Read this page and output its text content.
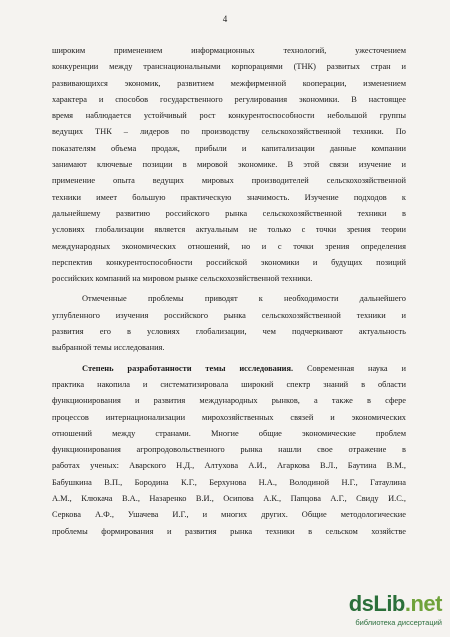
4
широким применением информационных технологий, ужесточением
конкуренции между транснациональными корпорациями (ТНК) развитых стран и
развивающихся экономик, развитием межфирменной кооперации, изменением
характера и способов государственного регулирования экономики. В настоящее
время наблюдается устойчивый рост конкурентоспособности небольшой группы
ведущих ТНК – лидеров по производству сельскохозяйственной техники. По
показателям объема продаж, прибыли и капитализации данные компании
занимают ключевые позиции в мировой экономике. В этой связи изучение и
применение опыта ведущих мировых производителей сельскохозяйственной
техники имеет большую практическую значимость. Изучение подходов к
дальнейшему развитию российского рынка сельскохозяйственной техники в
условиях глобализации является актуальным не только с точки зрения теории
международных экономических отношений, но и с точки зрения определения
перспектив конкурентоспособности российской экономики и будущих позиций
российских компаний на мировом рынке сельскохозяйственной техники.
Отмеченные проблемы приводят к необходимости дальнейшего
углубленного изучения российского рынка сельскохозяйственной техники и
развития его в условиях глобализации, чем подчеркивают актуальность
выбранной темы исследования.
Степень разработанности темы исследования. Современная наука и
практика накопила и систематизировала широкий спектр знаний в области
функционирования и развития международных рынков, а также в сфере
процессов интернационализации мирохозяйственных связей и экономических
отношений между странами. Многие общие экономические проблем
функционирования агропродовольственного рынка нашли свое отражение в
работах ученых: Аварского Н.Д., Алтухова А.И., Агаркова В.Л., Баутина В.М.,
Бабушкина В.П., Бородина К.Г., Берхунова Н.А., Володиной Н.Г., Гатаулина
А.М., Клюкача В.А., Назаренко В.И., Осипова А.К., Папцова А.Г., Свиду И.С.,
Серкова А.Ф., Ушачева И.Г., и многих других. Общие методологические
проблемы формирования и развития рынка техники в сельском хозяйстве
dsLib.net
библиотека диссертаций
